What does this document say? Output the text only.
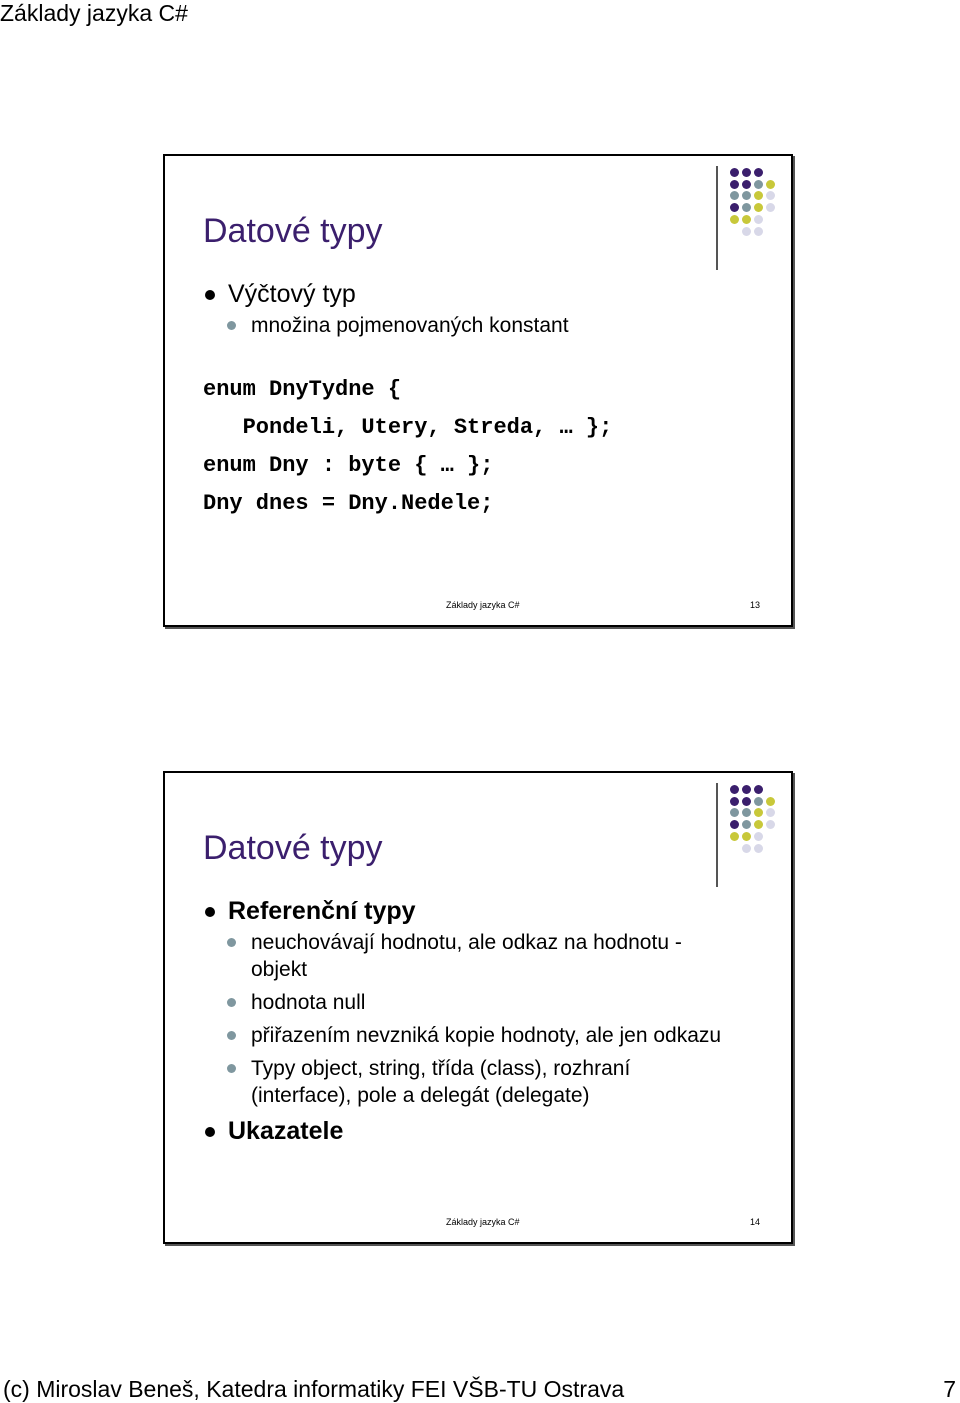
Základy jazyka C#
Datové typy
Výčtový typ
množina pojmenovaných konstant
enum DnyTydne {
Pondeli, Utery, Streda, … };
enum Dny : byte { … };
Dny dnes = Dny.Nedele;
Základy jazyka C#	13
Datové typy
Referenční typy
neuchovávají hodnotu, ale odkaz na hodnotu - objekt
hodnota null
přiřazením nevzniká kopie hodnoty, ale jen odkazu
Typy object, string, třída (class), rozhraní (interface), pole a delegát (delegate)
Ukazatele
Základy jazyka C#	14
(c) Miroslav Beneš, Katedra informatiky FEI VŠB-TU Ostrava	7
